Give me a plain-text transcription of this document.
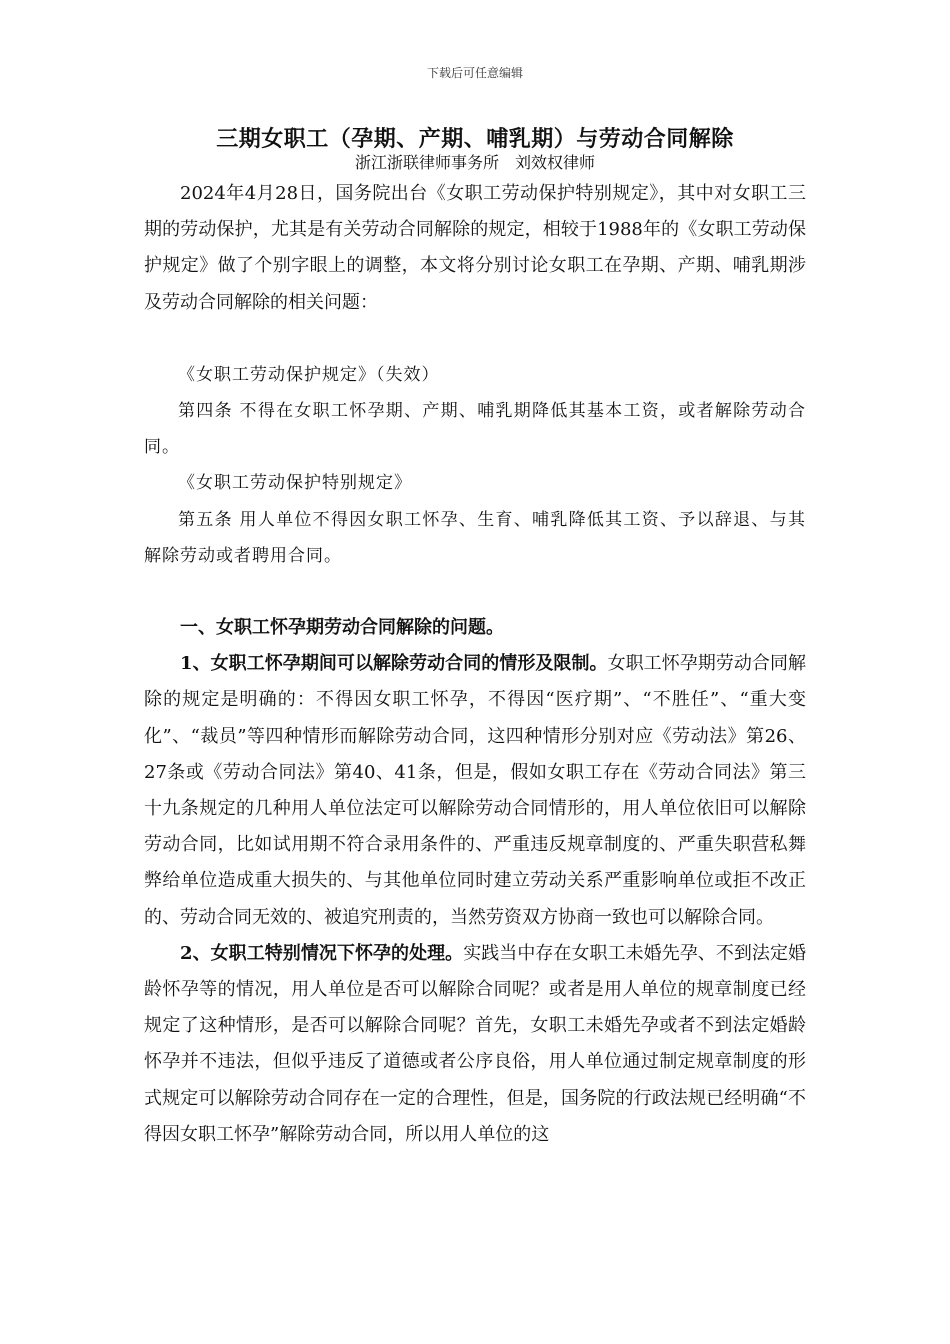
下载后可任意编辑
三期女职工（孕期、产期、哺乳期）与劳动合同解除
浙江浙联律师事务所 刘效权律师

2024年4月28日，国务院出台《女职工劳动保护特别规定》，其中对女职工三期的劳动保护，尤其是有关劳动合同解除的规定，相较于1988年的《女职工劳动保护规定》做了个别字眼上的调整，本文将分别讨论女职工在孕期、产期、哺乳期涉及劳动合同解除的相关问题：

《女职工劳动保护规定》（失效）

第四条 不得在女职工怀孕期、产期、哺乳期降低其基本工资，或者解除劳动合同。

《女职工劳动保护特别规定》

第五条 用人单位不得因女职工怀孕、生育、哺乳降低其工资、予以辞退、与其解除劳动或者聘用合同。

一、女职工怀孕期劳动合同解除的问题。

1、女职工怀孕期间可以解除劳动合同的情形及限制。女职工怀孕期劳动合同解除的规定是明确的：不得因女职工怀孕，不得因“医疗期”、“不胜任”、“重大变化”、“裁员”等四种情形而解除劳动合同，这四种情形分别对应《劳动法》第26、27条或《劳动合同法》第40、41条，但是，假如女职工存在《劳动合同法》第三十九条规定的几种用人单位法定可以解除劳动合同情形的，用人单位依旧可以解除劳动合同，比如试用期不符合录用条件的、严重违反规章制度的、严重失职营私舞弊给单位造成重大损失的、与其他单位同时建立劳动关系严重影响单位或拒不改正的、劳动合同无效的、被追究刑责的，当然劳资双方协商一致也可以解除合同。

2、女职工特别情况下怀孕的处理。实践当中存在女职工未婚先孕、不到法定婚龄怀孕等的情况，用人单位是否可以解除合同呢？或者是用人单位的规章制度已经规定了这种情形，是否可以解除合同呢？首先，女职工未婚先孕或者不到法定婚龄怀孕并不违法，但似乎违反了道德或者公序良俗，用人单位通过制定规章制度的形式规定可以解除劳动合同存在一定的合理性，但是，国务院的行政法规已经明确“不得因女职工怀孕”解除劳动合同，所以用人单位的这
